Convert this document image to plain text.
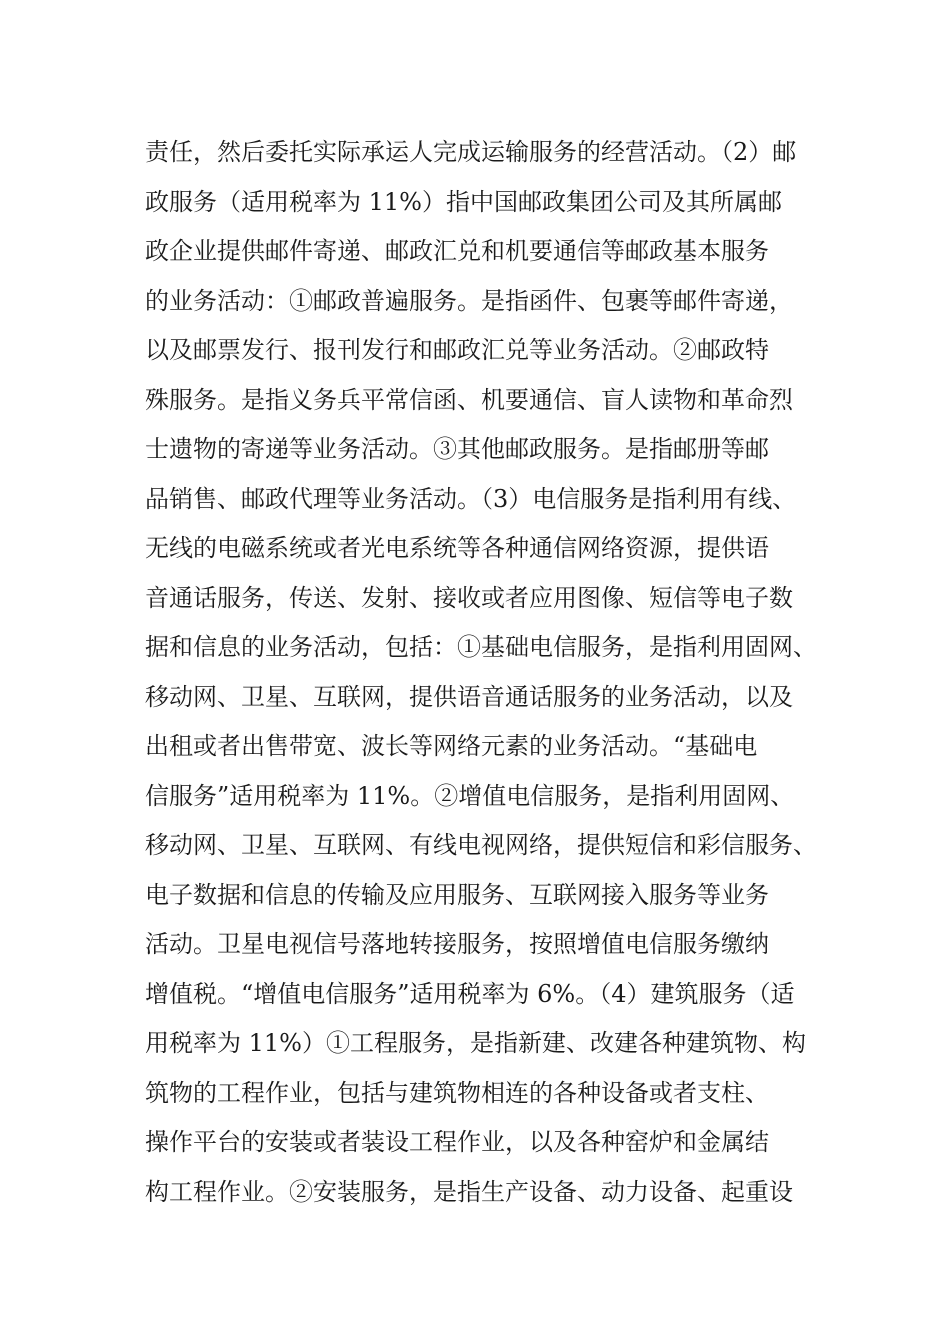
责任，然后委托实际承运人完成运输服务的经营活动。（2）邮
政服务（适用税率为 11%）指中国邮政集团公司及其所属邮
政企业提供邮件寄递、邮政汇兑和机要通信等邮政基本服务
的业务活动：①邮政普遍服务。是指函件、包裹等邮件寄递，
以及邮票发行、报刊发行和邮政汇兑等业务活动。②邮政特
殊服务。是指义务兵平常信函、机要通信、盲人读物和革命烈
士遗物的寄递等业务活动。③其他邮政服务。是指邮册等邮
品销售、邮政代理等业务活动。（3）电信服务是指利用有线、
无线的电磁系统或者光电系统等各种通信网络资源，提供语
音通话服务，传送、发射、接收或者应用图像、短信等电子数
据和信息的业务活动，包括：①基础电信服务，是指利用固网、
移动网、卫星、互联网，提供语音通话服务的业务活动，以及
出租或者出售带宽、波长等网络元素的业务活动。“基础电
信服务”适用税率为 11%。②增值电信服务，是指利用固网、
移动网、卫星、互联网、有线电视网络，提供短信和彩信服务、
电子数据和信息的传输及应用服务、互联网接入服务等业务
活动。卫星电视信号落地转接服务，按照增值电信服务缴纳
增值税。“增值电信服务”适用税率为 6%。（4）建筑服务（适
用税率为 11%）①工程服务，是指新建、改建各种建筑物、构
筑物的工程作业，包括与建筑物相连的各种设备或者支柱、
操作平台的安装或者装设工程作业，以及各种窑炉和金属结
构工程作业。②安装服务，是指生产设备、动力设备、起重设
